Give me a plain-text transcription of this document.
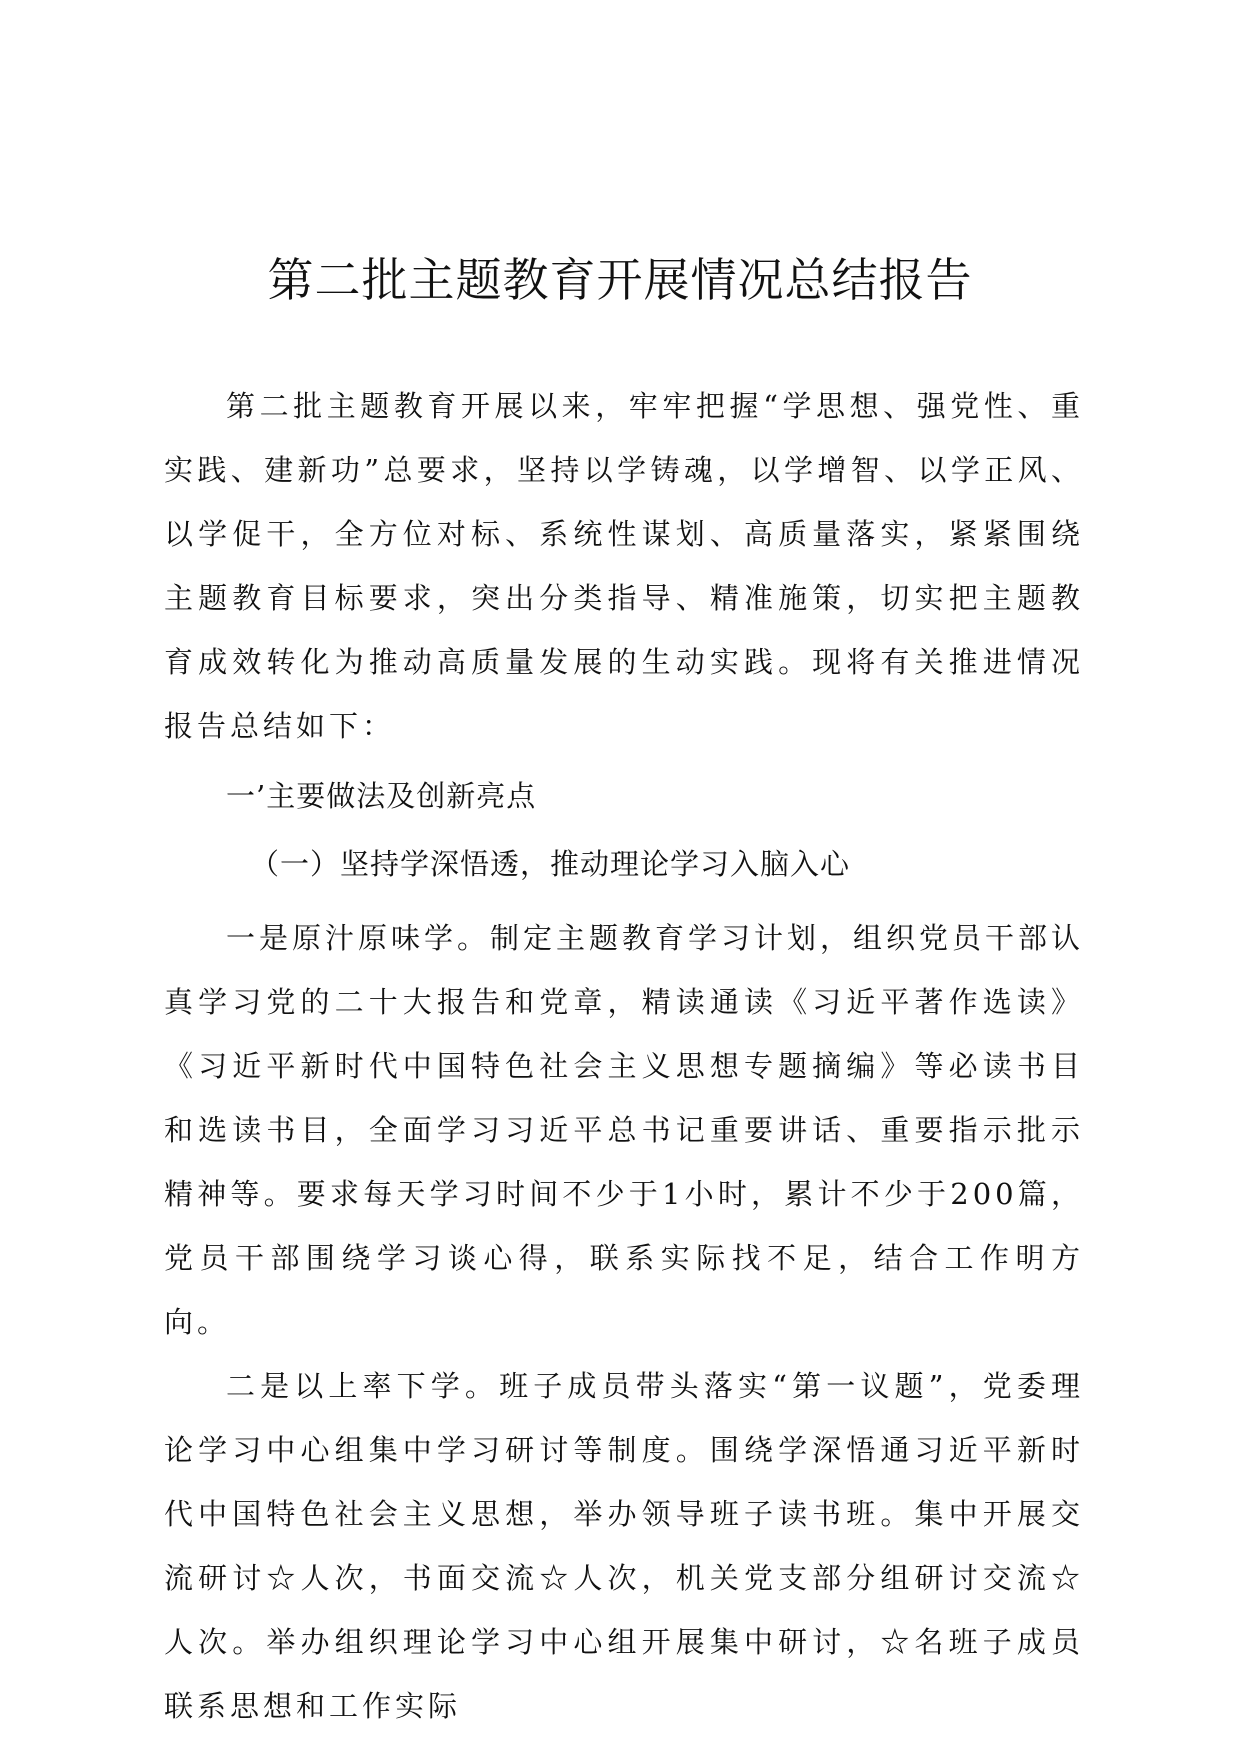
第二批主题教育开展情况总结报告

第二批主题教育开展以来，牢牢把握“学思想、强党性、重实践、建新功”总要求，坚持以学铸魂，以学增智、以学正风、以学促干，全方位对标、系统性谋划、高质量落实，紧紧围绕主题教育目标要求，突出分类指导、精准施策，切实把主题教育成效转化为推动高质量发展的生动实践。现将有关推进情况报告总结如下：

一’主要做法及创新亮点

（一）坚持学深悟透，推动理论学习入脑入心

一是原汁原味学。制定主题教育学习计划，组织党员干部认真学习党的二十大报告和党章，精读通读《习近平著作选读》《习近平新时代中国特色社会主义思想专题摘编》等必读书目和选读书目，全面学习习近平总书记重要讲话、重要指示批示精神等。要求每天学习时间不少于1小时，累计不少于200篇，党员干部围绕学习谈心得，联系实际找不足，结合工作明方向。

二是以上率下学。班子成员带头落实“第一议题”，党委理论学习中心组集中学习研讨等制度。围绕学深悟通习近平新时代中国特色社会主义思想，举办领导班子读书班。集中开展交流研讨☆人次，书面交流☆人次，机关党支部分组研讨交流☆人次。举办组织理论学习中心组开展集中研讨，☆名班子成员联系思想和工作实际
